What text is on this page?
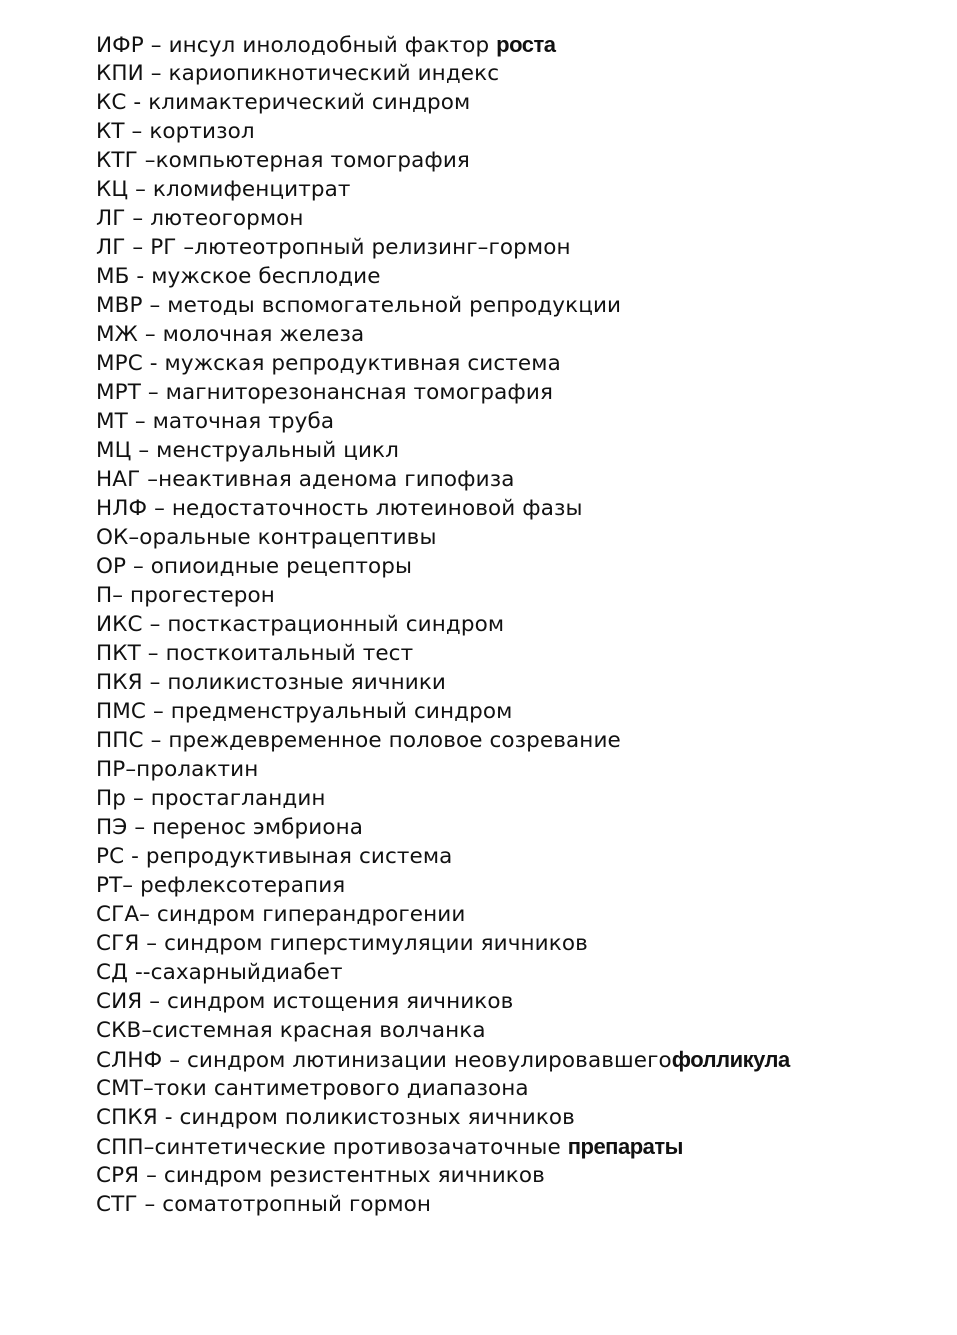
ИФР – инсул инолодобный фактор роста
КПИ – кариопикнотический индекс
КС - климактерический синдром
КТ – кортизол
КТГ –компьютерная томография
КЦ – кломифенцитрат
ЛГ – лютеогормон
ЛГ – РГ –лютеотропный релизинг–гормон
МБ - мужское бесплодие
МВР – методы вспомогательной репродукции
МЖ – молочная железа
МРС - мужская репродуктивная система
МРТ – магниторезонансная томография
МТ – маточная труба
МЦ – менструальный цикл
НАГ –неактивная аденома гипофиза
НЛФ – недостаточность лютеиновой фазы
ОК–оральные контрацептивы
ОР – опиоидные рецепторы
П– прогестерон
ИКС – посткастрационный синдром
ПКТ – посткоитальный тест
ПКЯ – поликистозные яичники
ПМС – предменструальный синдром
ППС – преждевременное половое созревание
ПР–пролактин
Пр – простагландин
ПЭ – перенос эмбриона
РС - репродуктивыная система
РТ– рефлексотерапия
СГА– синдром гиперандрогении
СГЯ – синдром гиперстимуляции яичников
СД --сахарныйдиабет
СИЯ – синдром истощения яичников
СКВ–системная красная волчанка
СЛНФ – синдром лютинизации неовулировавшегофолликула
СМТ–токи сантиметрового диапазона
СПКЯ - синдром поликистозных яичников
СПП–синтетические противозачаточные препараты
СРЯ – синдром резистентных яичников
СТГ – соматотропный гормон
